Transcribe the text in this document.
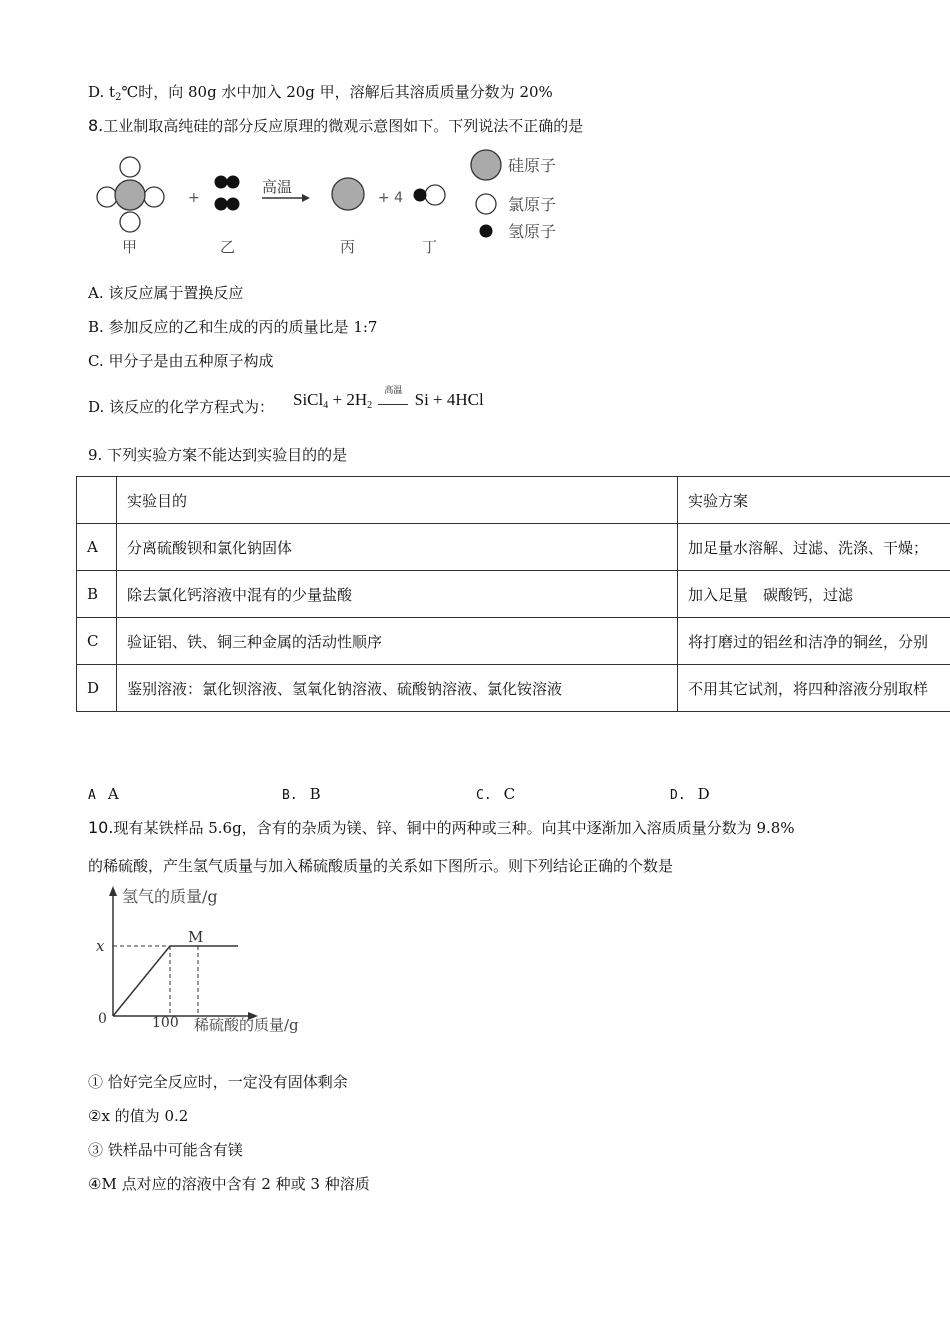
D. $t_2℃$时，向 80g 水中加入 20g 甲，溶解后其溶质质量分数为 20%
8.工业制取高纯硅的部分反应原理的微观示意图如下。下列说法不正确的是
+
高温
+ 4
甲	乙	丙	丁
硅原子
氯原子
氢原子
A. 该反应属于置换反应
B. 参加反应的乙和生成的丙的质量比是 1:7
C. 甲分子是由五种原子构成
D. 该反应的化学方程式为： SiCl$_4$ + $2H_2$
高温 Si + 4HCl
9. 下列实验方案不能达到实验目的的是
	实验目的	实验方案
A	分离硫酸钡和氯化钠固体	加足量水溶解、过滤、洗涤、干燥；
B	除去氯化钙溶液中混有的少量盐酸	加入足量　碳酸钙，过滤
C	验证铝、铁、铜三种金属的活动性顺序	将打磨过的铝丝和洁净的铜丝，分别
D	鉴别溶液：氯化钡溶液、氢氧化钠溶液、硫酸钠溶液、氯化铵溶液	不用其它试剂，将四种溶液分别取样
A A	B. B	C. C	D. D
10.现有某铁样品 5.6g，含有的杂质为镁、锌、铜中的两种或三种。向其中逐渐加入溶质质量分数为 9.8%
的稀硫酸，产生氢气质量与加入稀硫酸质量的关系如下图所示。则下列结论正确的个数是
氢气的质量/g
x	M
0	100 稀硫酸的质量/g
① 恰好完全反应时，一定没有固体剩余
②x 的值为 0.2
③ 铁样品中可能含有镁
④M 点对应的溶液中含有 2 种或 3 种溶质
